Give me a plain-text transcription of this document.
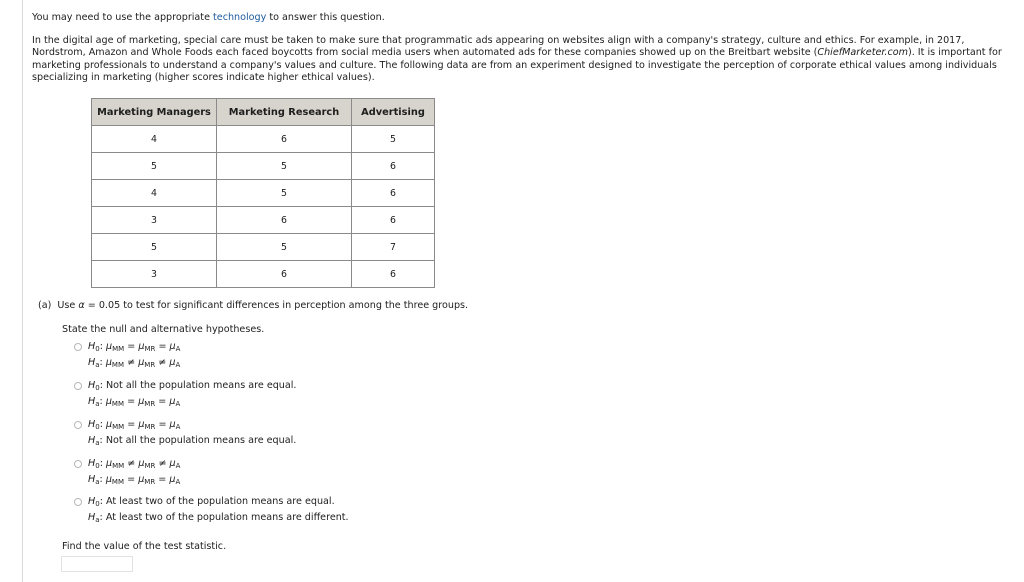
You may need to use the appropriate technology to answer this question.
In the digital age of marketing, special care must be taken to make sure that programmatic ads appearing on websites align with a company's strategy, culture and ethics. For example, in 2017, Nordstrom, Amazon and Whole Foods each faced boycotts from social media users when automated ads for these companies showed up on the Breitbart website (ChiefMarketer.com). It is important for marketing professionals to understand a company's values and culture. The following data are from an experiment designed to investigate the perception of corporate ethical values among individuals specializing in marketing (higher scores indicate higher ethical values).
Marketing Managers	Marketing Research	Advertising
4	6	5
5	5	6
4	5	6
3	6	6
5	5	7
3	6	6
(a) Use α = 0.05 to test for significant differences in perception among the three groups.
State the null and alternative hypotheses.
$H_0$: $\mu_{MM} = \mu_{MR} = \mu_A$
$H_a$: $\mu_{MM} \ne \mu_{MR} \ne \mu_A$
$H_0$: Not all the population means are equal.
$H_a$: $\mu_{MM} = \mu_{MR} = \mu_A$
$H_0$: $\mu_{MM} = \mu_{MR} = \mu_A$
$H_a$: Not all the population means are equal.
$H_0$: $\mu_{MM} \ne \mu_{MR} \ne \mu_A$
$H_a$: $\mu_{MM} = \mu_{MR} = \mu_A$
$H_0$: At least two of the population means are equal.
$H_a$: At least two of the population means are different.
Find the value of the test statistic.
